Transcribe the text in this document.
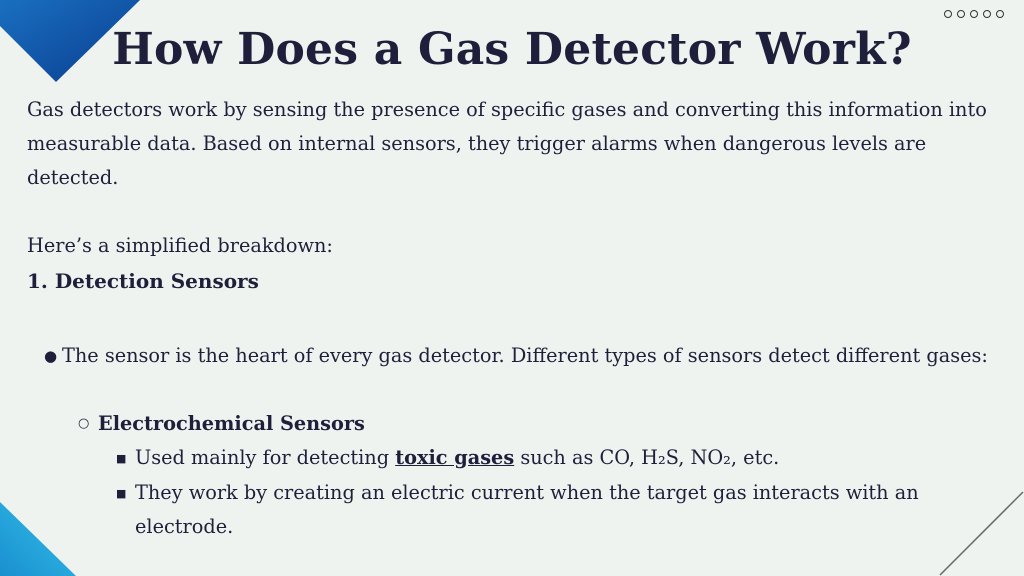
How Does a Gas Detector Work?

Gas detectors work by sensing the presence of specific gases and converting this information into measurable data. Based on internal sensors, they trigger alarms when dangerous levels are detected.

Here’s a simplified breakdown:

1. Detection Sensors
● The sensor is the heart of every gas detector. Different types of sensors detect different gases:
○ Electrochemical Sensors
■ Used mainly for detecting toxic gases such as CO, H₂S, NO₂, etc.
■ They work by creating an electric current when the target gas interacts with an electrode.
